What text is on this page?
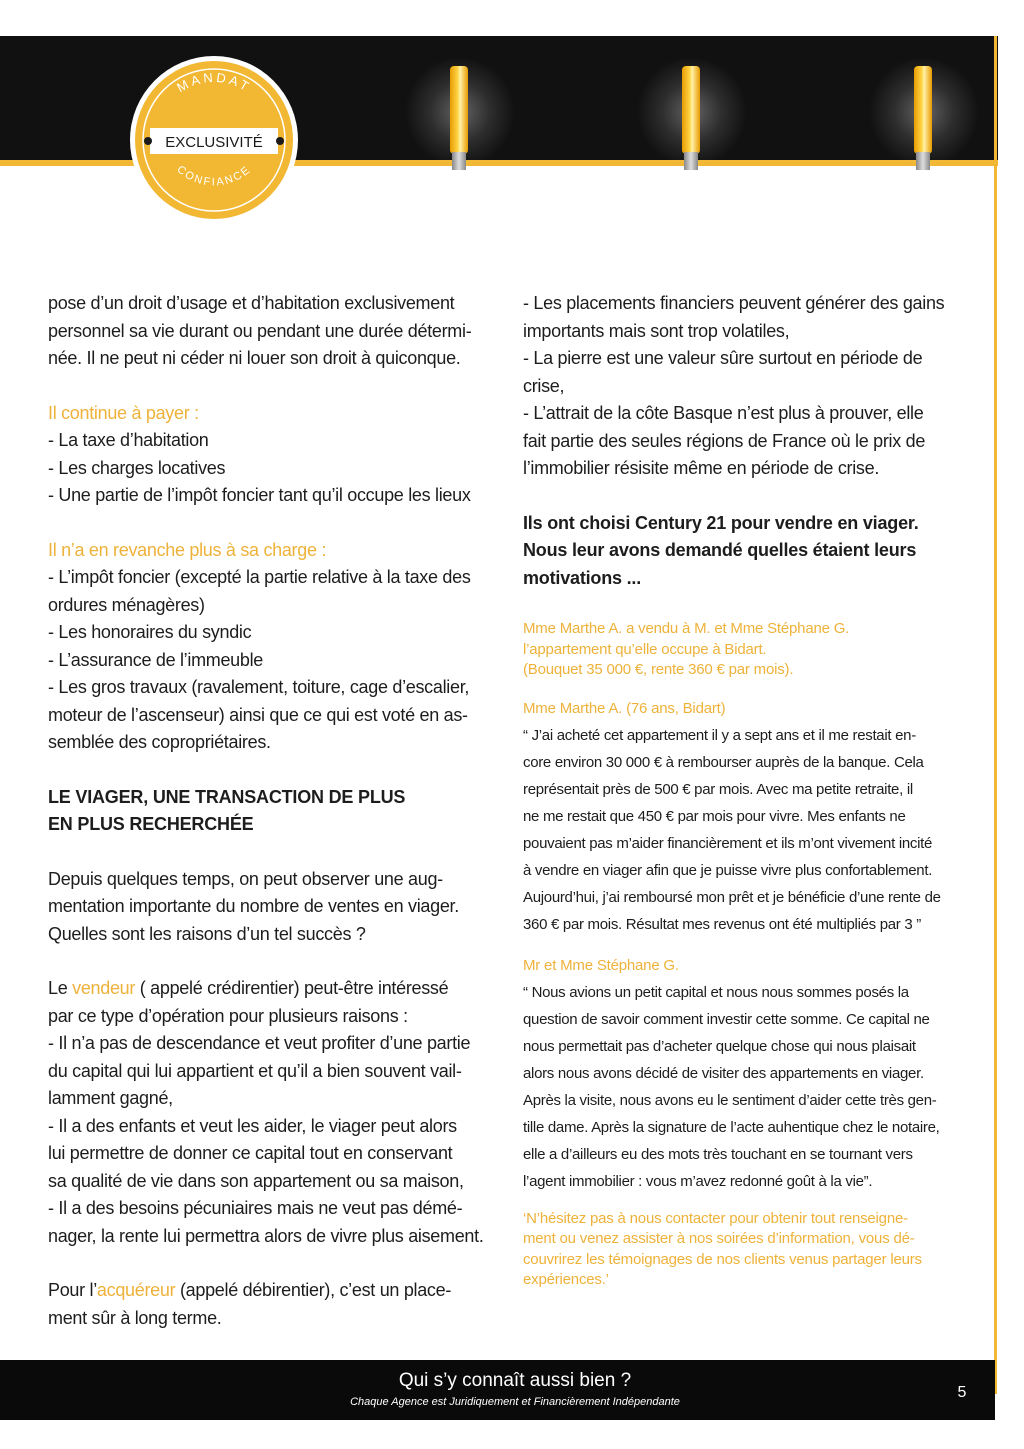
MANDAT
EXCLUSIVITÉ
CONFIANCE
pose d’un droit d’usage et d’habitation exclusivement
personnel sa vie durant ou pendant une durée détermi-
née. Il ne peut ni céder ni louer son droit à quiconque.
Il continue à payer :
- La taxe d’habitation
- Les charges locatives
- Une partie de l’impôt foncier tant qu’il occupe les lieux
Il n’a en revanche plus à sa charge :
- L’impôt foncier (excepté la partie relative à la taxe des
ordures ménagères)
- Les honoraires du syndic
- L’assurance de l’immeuble
- Les gros travaux (ravalement, toiture, cage d’escalier,
moteur de l’ascenseur) ainsi que ce qui est voté en as-
semblée des copropriétaires.
LE VIAGER, UNE TRANSACTION DE PLUS
EN PLUS RECHERCHÉE
Depuis quelques temps, on peut observer une aug-
mentation importante du nombre de ventes en viager.
Quelles sont les raisons d’un tel succès ?
Le vendeur ( appelé crédirentier) peut-être intéressé
par ce type d’opération pour plusieurs raisons :
- Il n’a pas de descendance et veut profiter d’une partie
du capital qui lui appartient et qu’il a bien souvent vail-
lamment gagné,
- Il a des enfants et veut les aider, le viager peut alors
lui permettre de donner ce capital tout en conservant
sa qualité de vie dans son appartement ou sa maison,
- Il a des besoins pécuniaires mais ne veut pas démé-
nager, la rente lui permettra alors de vivre plus aisement.
Pour l’acquéreur (appelé débirentier), c’est un place-
ment sûr à long terme.
- Les placements financiers peuvent générer des gains
importants mais sont trop volatiles,
- La pierre est une valeur sûre surtout en période de
crise,
- L’attrait de la côte Basque n’est plus à prouver, elle
fait partie des seules régions de France où le prix de
l’immobilier résisite même en période de crise.
Ils ont choisi Century 21 pour vendre en viager.
Nous leur avons demandé quelles étaient leurs
motivations ...
Mme Marthe A. a vendu à M. et Mme Stéphane G.
l’appartement qu’elle occupe à Bidart.
(Bouquet 35 000 €, rente 360 € par mois).
Mme Marthe A. (76 ans, Bidart)
“ J’ai acheté cet appartement il y a sept ans et il me restait en-
core environ 30 000 € à rembourser auprès de la banque. Cela
représentait près de 500 € par mois. Avec ma petite retraite, il
ne me restait que 450 € par mois pour vivre. Mes enfants ne
pouvaient pas m’aider financièrement et ils m’ont vivement incité
à vendre en viager afin que je puisse vivre plus confortablement.
Aujourd’hui, j’ai remboursé mon prêt et je bénéficie d’une rente de
360 € par mois. Résultat mes revenus ont été multipliés par 3 ”
Mr et Mme Stéphane G.
“ Nous avions un petit capital et nous nous sommes posés la
question de savoir comment investir cette somme. Ce capital ne
nous permettait pas d’acheter quelque chose qui nous plaisait
alors nous avons décidé de visiter des appartements en viager.
Après la visite, nous avons eu le sentiment d’aider cette très gen-
tille dame. Après la signature de l’acte auhentique chez le notaire,
elle a d’ailleurs eu des mots très touchant en se tournant vers
l’agent immobilier : vous m’avez redonné goût à la vie”.
‘N’hésitez pas à nous contacter pour obtenir tout renseigne-
ment ou venez assister à nos soirées d’information, vous dé-
couvrirez les témoignages de nos clients venus partager leurs
expériences.’
Qui s’y connaît aussi bien ?
Chaque Agence est Juridiquement et Financièrement Indépendante
5
